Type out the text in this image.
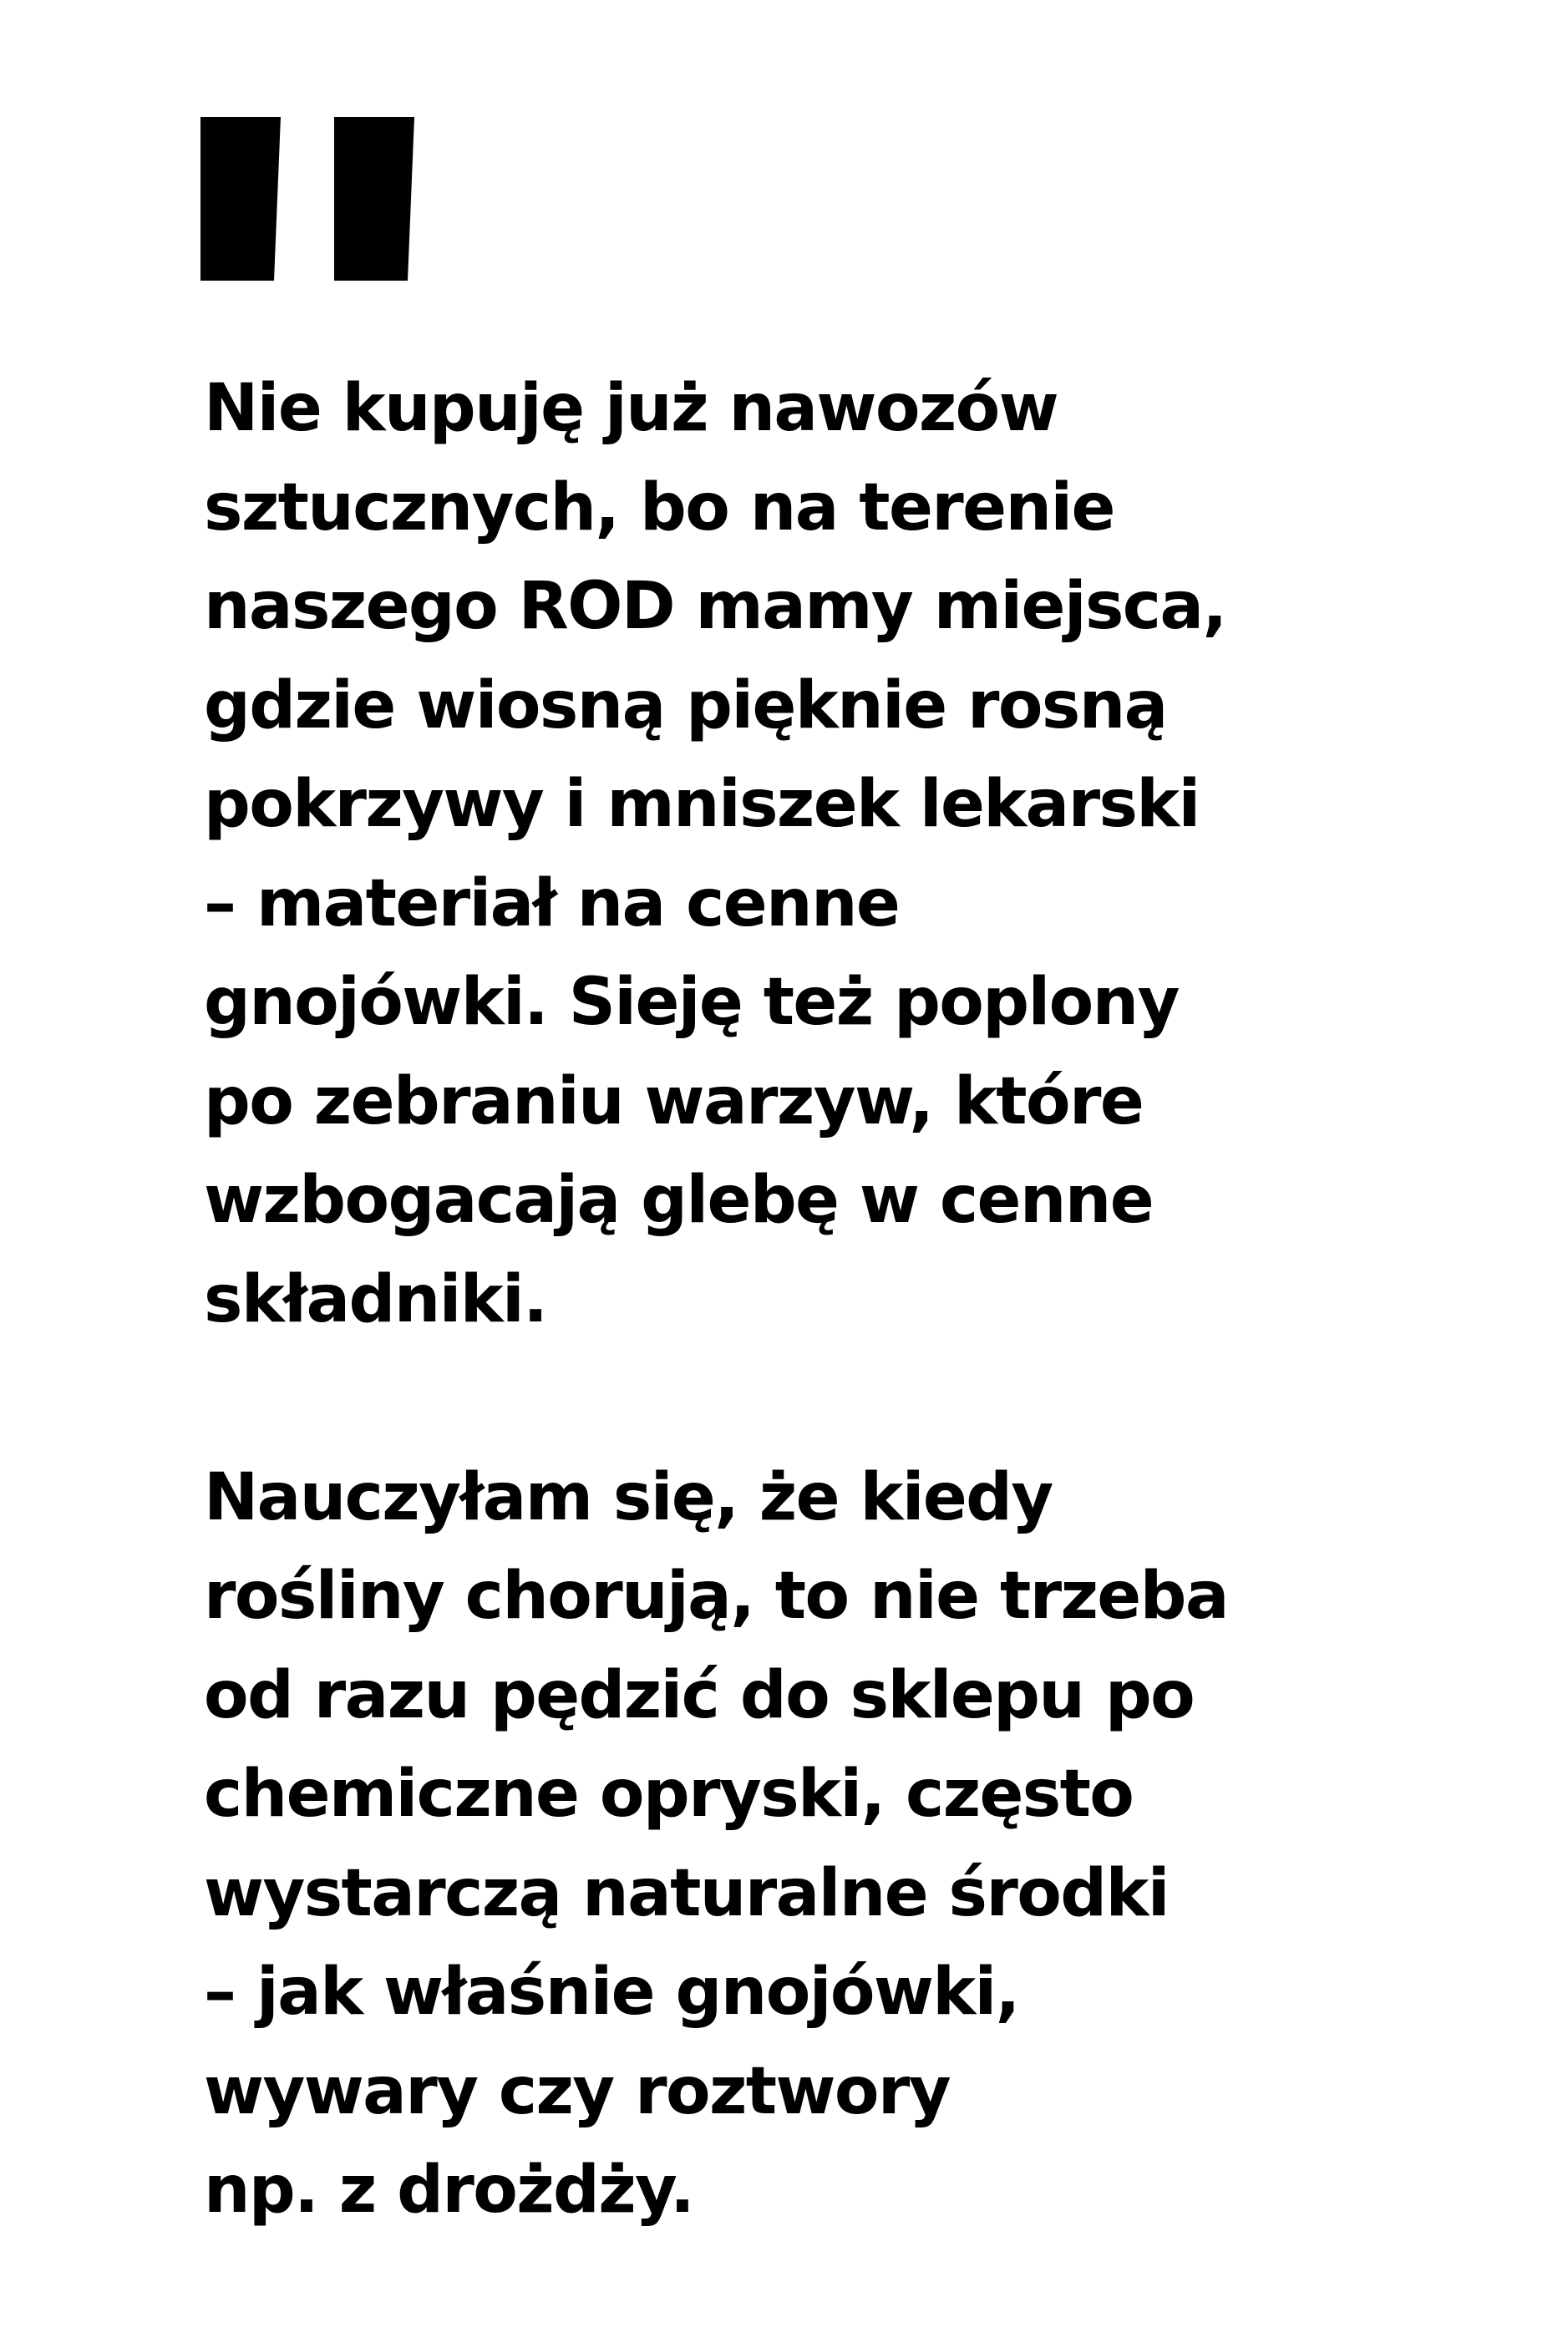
Nie kupuję już nawozów
sztucznych, bo na terenie
naszego ROD mamy miejsca,
gdzie wiosną pięknie rosną
pokrzywy i mniszek lekarski
– materiał na cenne
gnojówki. Sieję też poplony
po zebraniu warzyw, które
wzbogacają glebę w cenne
składniki.

Nauczyłam się, że kiedy
rośliny chorują, to nie trzeba
od razu pędzić do sklepu po
chemiczne opryski, często
wystarczą naturalne środki
– jak właśnie gnojówki,
wywary czy roztwory
np. z drożdży.
